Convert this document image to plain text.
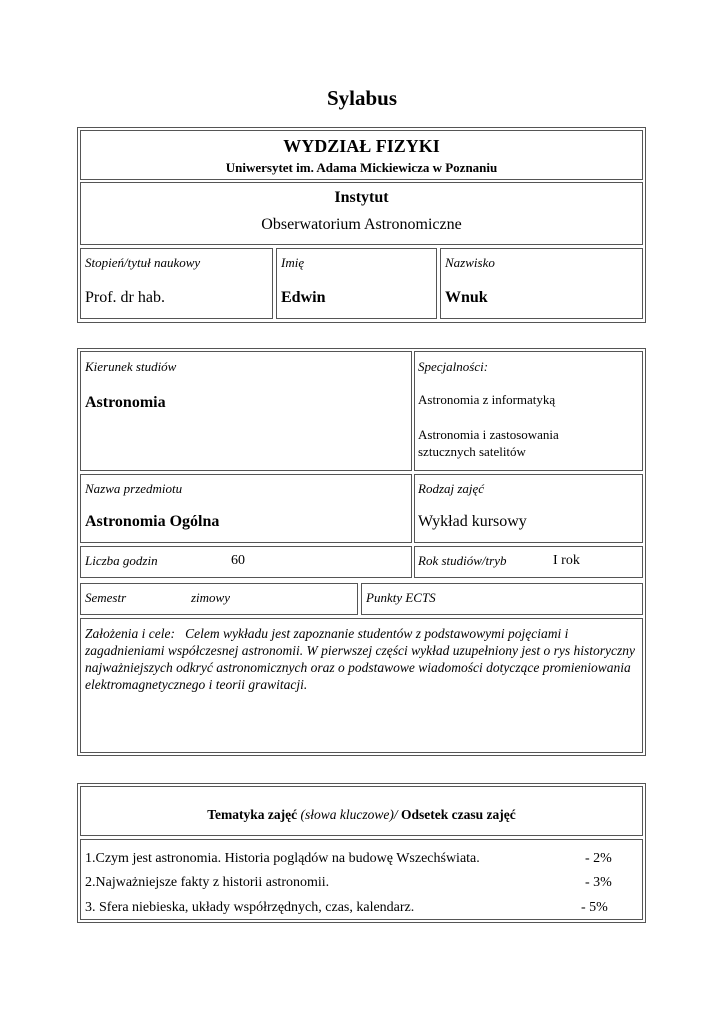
Sylabus
WYDZIAŁ FIZYKI
Uniwersytet im. Adama Mickiewicza w Poznaniu
Instytut
Obserwatorium Astronomiczne
Stopień/tytuł naukowy
Prof. dr hab.
Imię
Edwin
Nazwisko
Wnuk
Kierunek studiów
Astronomia
Specjalności:
Astronomia z informatyką
Astronomia i zastosowania sztucznych satelitów
Nazwa przedmiotu
Astronomia Ogólna
Rodzaj zajęć
Wykład kursowy
Liczba godzin	60	Rok studiów/tryb	I rok
Semestr	zimowy	Punkty ECTS
Założenia i cele: Celem wykładu jest zapoznanie studentów z podstawowymi pojęciami i zagadnieniami współczesnej astronomii. W pierwszej części wykład uzupełniony jest o rys historyczny najważniejszych odkryć astronomicznych oraz o podstawowe wiadomości dotyczące promieniowania elektromagnetycznego i teorii grawitacji.
Tematyka zajęć (słowa kluczowe)/ Odsetek czasu zajęć
1.Czym jest astronomia. Historia poglądów na budowę Wszechświata.	- 2%
2.Najważniejsze fakty z historii astronomii.	- 3%
3. Sfera niebieska, układy współrzędnych, czas, kalendarz.	- 5%
